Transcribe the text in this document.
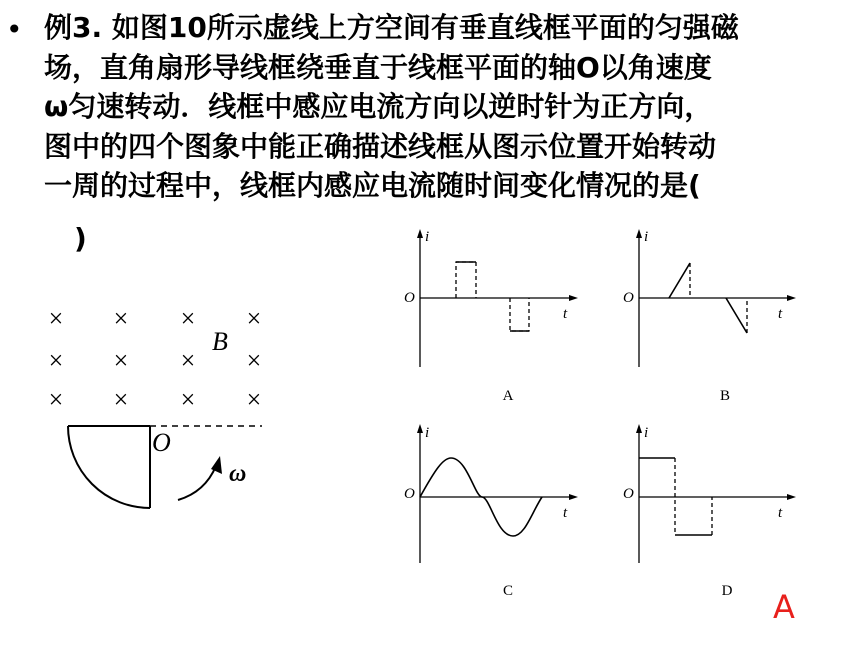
• 例3. 如图10所示虚线上方空间有垂直线框平面的匀强磁
场，直角扇形导线框绕垂直于线框平面的轴O以角速度
ω匀速转动．线框中感应电流方向以逆时针为正方向，
图中的四个图象中能正确描述线框从图示位置开始转动
一周的过程中，线框内感应电流随时间变化情况的是(
)
× × × ×
× × × ×
× × × ×
B
O
ω
i
t
O
A
i
t
O
B
i
t
O
C
i
t
O
D A
